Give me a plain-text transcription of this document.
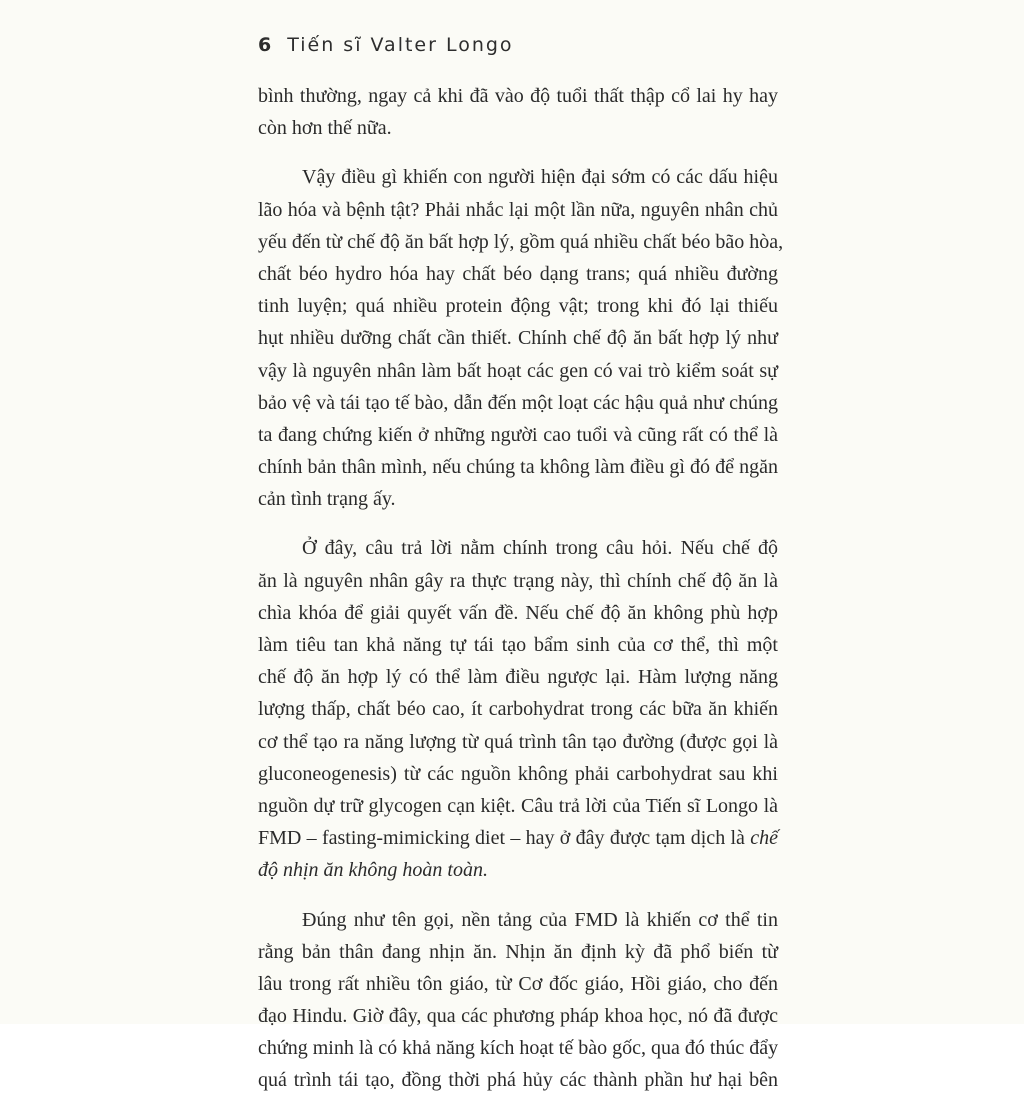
6 Tiến sĩ Valter Longo

bình thường, ngay cả khi đã vào độ tuổi thất thập cổ lai hy hay
còn hơn thế nữa.

Vậy điều gì khiến con người hiện đại sớm có các dấu hiệu
lão hóa và bệnh tật? Phải nhắc lại một lần nữa, nguyên nhân chủ
yếu đến từ chế độ ăn bất hợp lý, gồm quá nhiều chất béo bão hòa,
chất béo hydro hóa hay chất béo dạng trans; quá nhiều đường
tinh luyện; quá nhiều protein động vật; trong khi đó lại thiếu
hụt nhiều dưỡng chất cần thiết. Chính chế độ ăn bất hợp lý như
vậy là nguyên nhân làm bất hoạt các gen có vai trò kiểm soát sự
bảo vệ và tái tạo tế bào, dẫn đến một loạt các hậu quả như chúng
ta đang chứng kiến ở những người cao tuổi và cũng rất có thể là
chính bản thân mình, nếu chúng ta không làm điều gì đó để ngăn
cản tình trạng ấy.

Ở đây, câu trả lời nằm chính trong câu hỏi. Nếu chế độ
ăn là nguyên nhân gây ra thực trạng này, thì chính chế độ ăn là
chìa khóa để giải quyết vấn đề. Nếu chế độ ăn không phù hợp
làm tiêu tan khả năng tự tái tạo bẩm sinh của cơ thể, thì một
chế độ ăn hợp lý có thể làm điều ngược lại. Hàm lượng năng
lượng thấp, chất béo cao, ít carbohydrat trong các bữa ăn khiến
cơ thể tạo ra năng lượng từ quá trình tân tạo đường (được gọi là
gluconeogenesis) từ các nguồn không phải carbohydrat sau khi
nguồn dự trữ glycogen cạn kiệt. Câu trả lời của Tiến sĩ Longo là
FMD – fasting-mimicking diet – hay ở đây được tạm dịch là chế
độ nhịn ăn không hoàn toàn.

Đúng như tên gọi, nền tảng của FMD là khiến cơ thể tin
rằng bản thân đang nhịn ăn. Nhịn ăn định kỳ đã phổ biến từ
lâu trong rất nhiều tôn giáo, từ Cơ đốc giáo, Hồi giáo, cho đến
đạo Hindu. Giờ đây, qua các phương pháp khoa học, nó đã được
chứng minh là có khả năng kích hoạt tế bào gốc, qua đó thúc đẩy
quá trình tái tạo, đồng thời phá hủy các thành phần hư hại bên
